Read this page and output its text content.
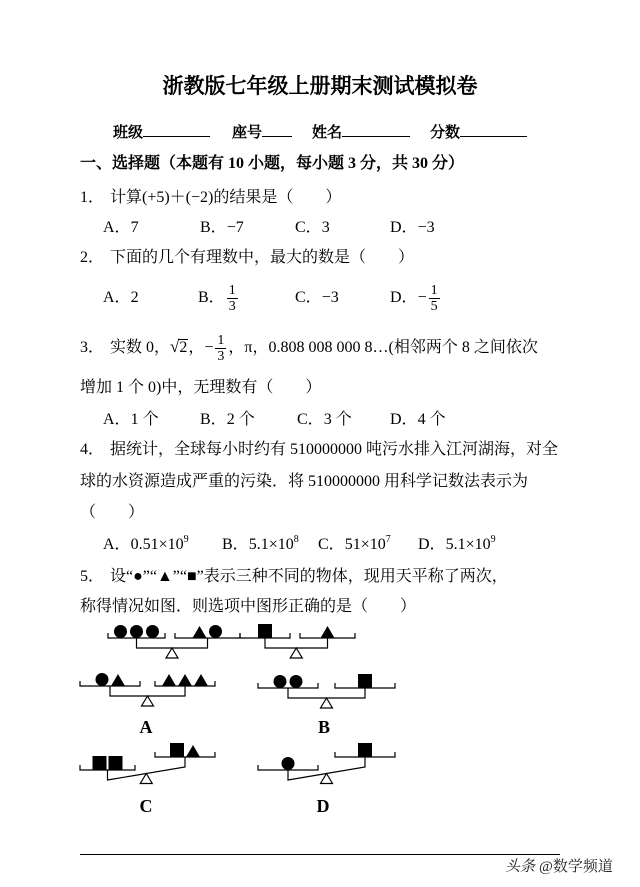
浙教版七年级上册期末测试模拟卷
班级	座号	姓名	分数
一、选择题（本题有 10 小题，每小题 3 分，共 30 分）
1． 计算(+5)＋(−2)的结果是（　　）
A．7	B．−7	C．3	D．−3
2． 下面的几个有理数中，最大的数是（　　）
A．2	B． $\frac{1}{3}$	C．−3	D．− $\frac{1}{5}$
3． 实数 0，√2，− $\frac{1}{3}$ ，π，0.808 008 000 8…(相邻两个 8 之间依次
增加 1 个 0)中，无理数有（　　）
A．1 个	B．2 个	C．3 个 D．4 个
4． 据统计，全球每小时约有 510000000 吨污水排入江河湖海，对全
球的水资源造成严重的污染．将 510000000 用科学记数法表示为
（　　）
A．$0.51\times 10^9$ B．$5.1\times 10^8$ C．$51\times 10^7$ D．$5.1\times 10^9$
5． 设“●”“▲”“■”表示三种不同的物体，现用天平称了两次，
称得情况如图．则选项中图形正确的是（　　）
A	B
C	D
头条 @数学频道
